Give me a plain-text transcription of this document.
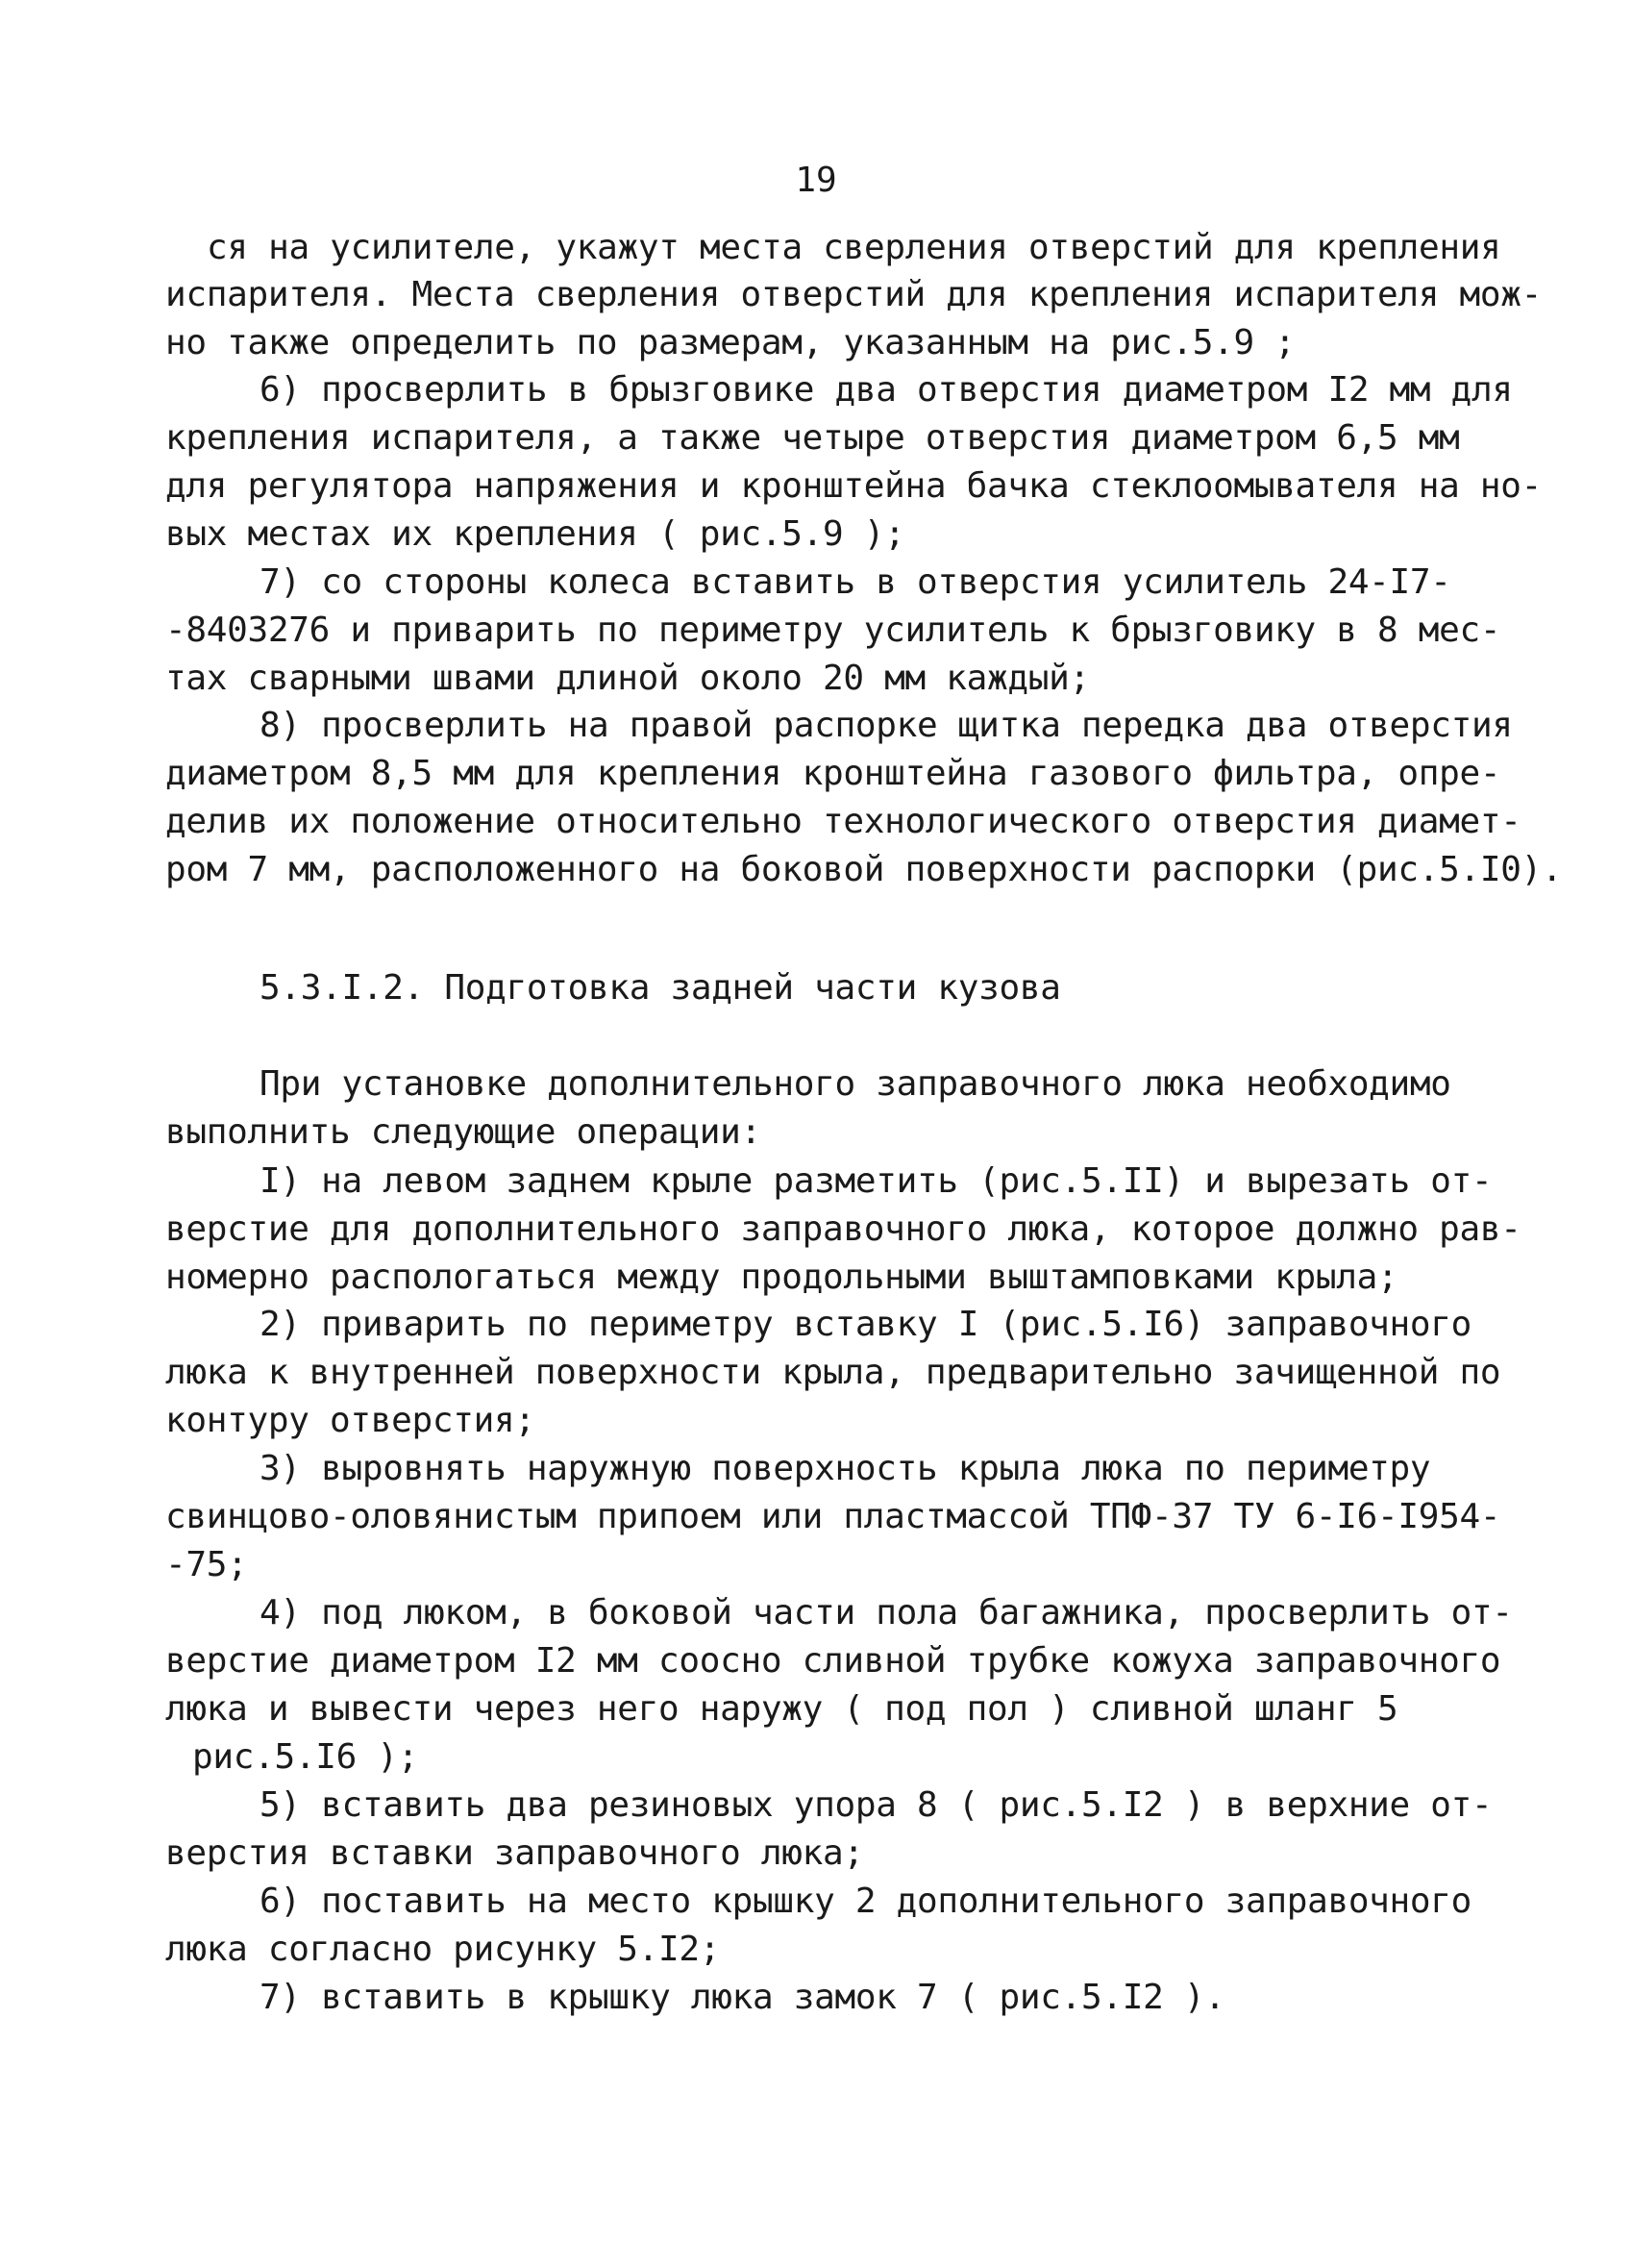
19
ся на усилителе, укажут места сверления отверстий для крепления
испарителя. Места сверления отверстий для крепления испарителя мож-
но также определить по размерам, указанным на рис.5.9 ;
6) просверлить в брызговике два отверстия диаметром I2 мм для
крепления испарителя, а также четыре отверстия диаметром 6,5 мм
для регулятора напряжения и кронштейна бачка стеклоомывателя на но-
вых местах их крепления ( рис.5.9 );
7) со стороны колеса вставить в отверстия усилитель 24-I7-
-8403276 и приварить по периметру усилитель к брызговику в 8 мес-
тах сварными швами длиной около 20 мм каждый;
8) просверлить на правой распорке щитка передка два отверстия
диаметром 8,5 мм для крепления кронштейна газового фильтра, опре-
делив их положение относительно технологического отверстия диамет-
ром 7 мм, расположенного на боковой поверхности распорки (рис.5.I0).
5.3.I.2. Подготовка задней части кузова
При установке дополнительного заправочного люка необходимо
выполнить следующие операции:
I) на левом заднем крыле разметить (рис.5.II) и вырезать от-
верстие для дополнительного заправочного люка, которое должно рав-
номерно распологаться между продольными выштамповками крыла;
2) приварить по периметру вставку I (рис.5.I6) заправочного
люка к внутренней поверхности крыла, предварительно зачищенной по
контуру отверстия;
3) выровнять наружную поверхность крыла люка по периметру
свинцово-оловянистым припоем или пластмассой ТПФ-37 ТУ 6-I6-I954-
-75;
4) под люком, в боковой части пола багажника, просверлить от-
верстие диаметром I2 мм соосно сливной трубке кожуха заправочного
люка и вывести через него наружу ( под пол ) сливной шланг 5
рис.5.I6 );
5) вставить два резиновых упора 8 ( рис.5.I2 ) в верхние от-
верстия вставки заправочного люка;
6) поставить на место крышку 2 дополнительного заправочного
люка согласно рисунку 5.I2;
7) вставить в крышку люка замок 7 ( рис.5.I2 ).
